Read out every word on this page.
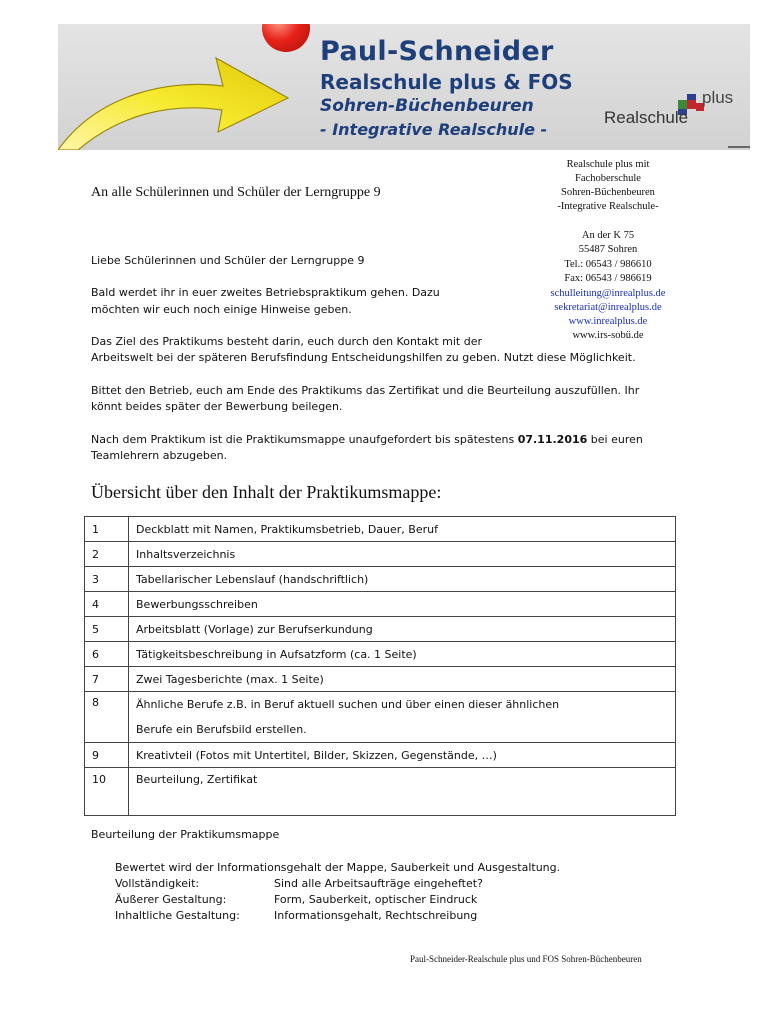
Paul-Schneider
Realschule plus & FOS
Sohren-Büchenbeuren
- Integrative Realschule -
plus
Realschule
Realschule plus mit
Fachoberschule
Sohren-Büchenbeuren
-Integrative Realschule-
An der K 75
55487 Sohren
Tel.: 06543 / 986610
Fax: 06543 / 986619
schulleitung@inrealplus.de
sekretariat@inrealplus.de
www.inrealplus.de
www.irs-sobü.de
An alle Schülerinnen und Schüler der Lerngruppe 9
Liebe Schülerinnen und Schüler der Lerngruppe 9
Bald werdet ihr in euer zweites Betriebspraktikum gehen. Dazu
möchten wir euch noch einige Hinweise geben.
Das Ziel des Praktikums besteht darin, euch durch den Kontakt mit der
Arbeitswelt bei der späteren Berufsfindung Entscheidungshilfen zu geben. Nutzt diese Möglichkeit.
Bittet den Betrieb, euch am Ende des Praktikums das Zertifikat und die Beurteilung auszufüllen. Ihr
könnt beides später der Bewerbung beilegen.
Nach dem Praktikum ist die Praktikumsmappe unaufgefordert bis spätestens 07.11.2016 bei euren
Teamlehrern abzugeben.
Übersicht über den Inhalt der Praktikumsmappe:
1	Deckblatt mit Namen, Praktikumsbetrieb, Dauer, Beruf
2	Inhaltsverzeichnis
3	Tabellarischer Lebenslauf (handschriftlich)
4	Bewerbungsschreiben
5	Arbeitsblatt (Vorlage) zur Berufserkundung
6	Tätigkeitsbeschreibung in Aufsatzform (ca. 1 Seite)
7	Zwei Tagesberichte (max. 1 Seite)
8	Ähnliche Berufe z.B. in Beruf aktuell suchen und über einen dieser ähnlichen
Berufe ein Berufsbild erstellen.

9	Kreativteil (Fotos mit Untertitel, Bilder, Skizzen, Gegenstände, …)
10	Beurteilung, Zertifikat
Beurteilung der Praktikumsmappe
Bewertet wird der Informationsgehalt der Mappe, Sauberkeit und Ausgestaltung.
Vollständigkeit:	Sind alle Arbeitsaufträge eingeheftet?
Äußerer Gestaltung:	Form, Sauberkeit, optischer Eindruck
Inhaltliche Gestaltung:	Informationsgehalt, Rechtschreibung
Paul-Schneider-Realschule plus und FOS Sohren-Büchenbeuren
